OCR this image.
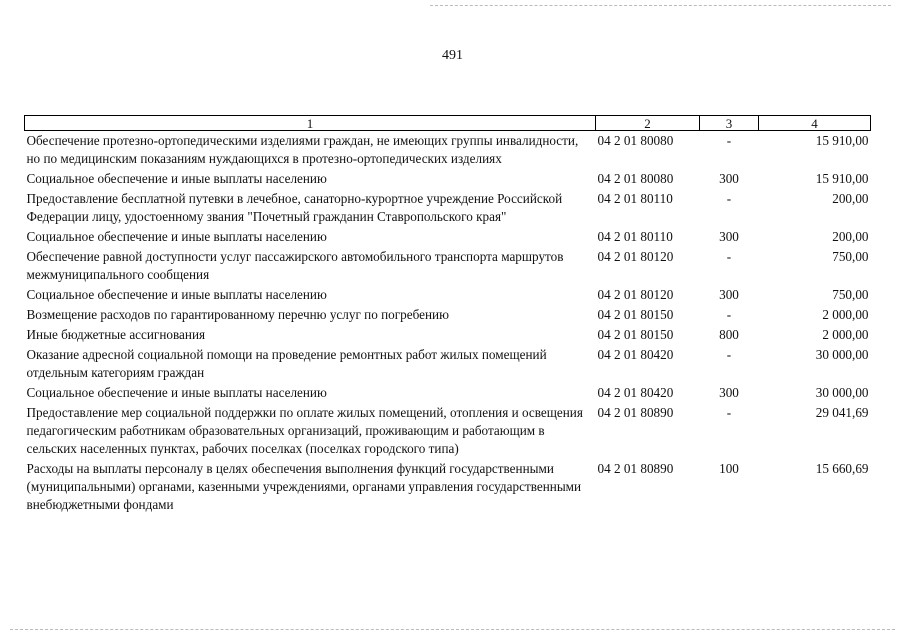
491
1	2	3	4
Обеспечение протезно-ортопедическими изделиями граждан, не имеющих группы инвалидности, но по медицинским показаниям нуждающихся в протезно-ортопедических изделиях	04 2 01 80080	-	15 910,00
Социальное обеспечение и иные выплаты населению	04 2 01 80080	300	15 910,00
Предоставление бесплатной путевки в лечебное, санаторно-курортное учреждение Российской Федерации лицу, удостоенному звания "Почетный гражданин Ставропольского края"	04 2 01 80110	-	200,00
Социальное обеспечение и иные выплаты населению	04 2 01 80110	300	200,00
Обеспечение равной доступности услуг пассажирского автомобильного транспорта маршрутов межмуниципального сообщения	04 2 01 80120	-	750,00
Социальное обеспечение и иные выплаты населению	04 2 01 80120	300	750,00
Возмещение расходов по гарантированному перечню услуг по погребению	04 2 01 80150	-	2 000,00
Иные бюджетные ассигнования	04 2 01 80150	800	2 000,00
Оказание адресной социальной помощи на проведение ремонтных работ жилых помещений отдельным категориям граждан	04 2 01 80420	-	30 000,00
Социальное обеспечение и иные выплаты населению	04 2 01 80420	300	30 000,00
Предоставление мер социальной поддержки по оплате жилых помещений, отопления и освещения педагогическим работникам образовательных организаций, проживающим и работающим в сельских населенных пунктах, рабочих поселках (поселках городского типа)	04 2 01 80890	-	29 041,69
Расходы на выплаты персоналу в целях обеспечения выполнения функций государственными (муниципальными) органами, казенными учреждениями, органами управления государственными внебюджетными фондами	04 2 01 80890	100	15 660,69
